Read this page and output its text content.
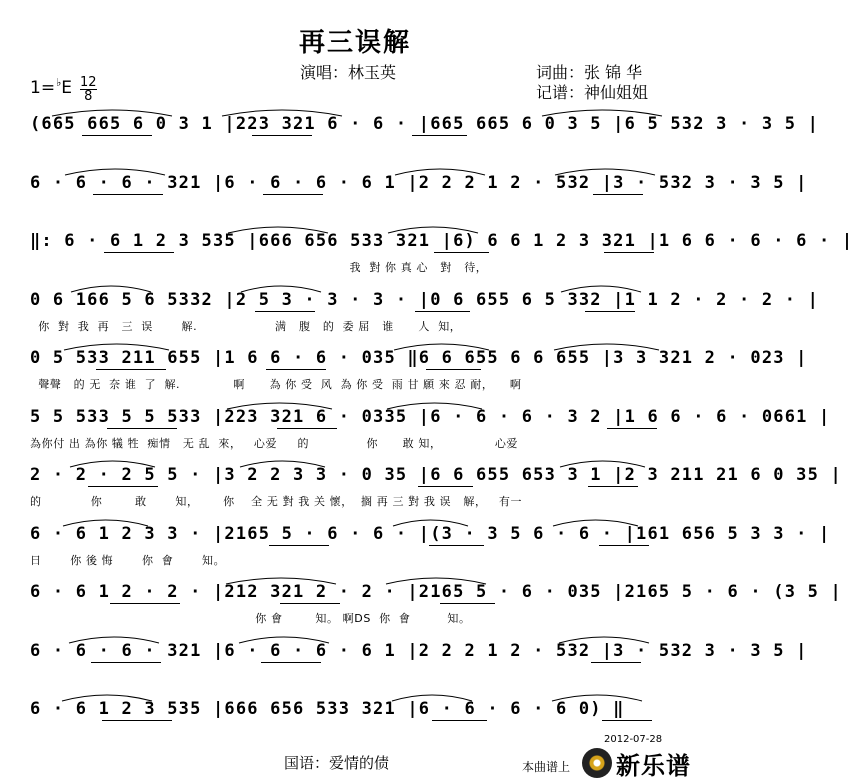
再三误解
演唱：林玉英	词曲：张 锦 华
记谱：神仙姐姐
1=♭E 12
8
(665 665 6 0 3 1 |223 321 6 · 6 · |665 665 6 0 3 5 |6 5 532 3 · 3 5 |
6 · 6 · 6 · 321 |6 · 6 · 6 · 6 1 |2 2 2 1 2 · 532 |3 · 532 3 · 3 5 |
‖: 6 · 6 1 2 3 535 |666 656 533 321 |6) 6 6 1 2 3 321 |1 6 6 · 6 · 6 · |
我  對 你 真 心   對   待，
0 6 166 5 6 5332 |2 5 3 · 3 · 3 · |0 6 655 6 5 332 |1 1 2 · 2 · 2 · |
你  對  我  再   三  误       解.                   满   腹   的  委 屈   谁      人  知，
0 5 533 211 655 |1 6 6 · 6 · 035 ‖6 6 655 6 6 655 |3 3 321 2 · 023 |
聲聲   的 无  奈 谁  了  解.             啊      為 你 受  风  為 你 受  雨 甘 願 來 忍 耐，    啊
5 5 533 5 5 533 |223 321 6 · 0335 |6 · 6 · 6 · 3 2 |1 6 6 · 6 · 0661 |
為你付 出 為你 犠 牲  痴情   无 乱  來，   心爱     的              你      敢 知，             心爱
2 · 2 · 2 5 5 · |3 2 2 3 3 · 0 35 |6 6 655 653 3 1 |2 3 211 21 6 0 35 |
的            你        敢       知，      你    全 无 對 我 关 懷，  搁 再 三 對 我 误   解，   有一
6 · 6 1 2 3 3 · |2165 5 · 6 · 6 · |(3 · 3 5 6 · 6 · |161 656 5 3 3 · |
日       你 後 悔       你  會       知。
6 · 6 1 2 · 2 · |212 321 2 · 2 · |2165 5 · 6 · 035 |2165 5 · 6 · (3 5 |
你 會        知。 啊DS  你  會         知。
6 · 6 · 6 · 321 |6 · 6 · 6 · 6 1 |2 2 2 1 2 · 532 |3 · 532 3 · 3 5 |
6 · 6 1 2 3 535 |666 656 533 321 |6 · 6 · 6 · 6 0) ‖
2012-07-28
国语：爱情的债	本曲谱上 新乐谱
